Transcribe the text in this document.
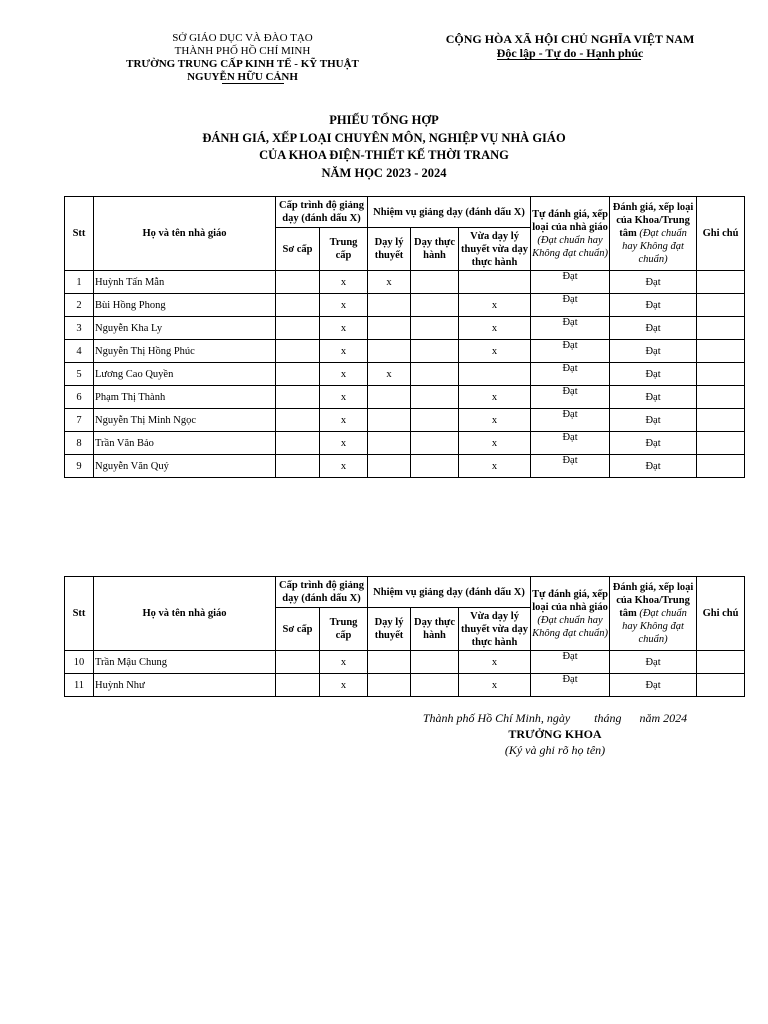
SỞ GIÁO DỤC VÀ ĐÀO TẠO
THÀNH PHỐ HỒ CHÍ MINH
TRƯỜNG TRUNG CẤP KINH TẾ - KỸ THUẬT
NGUYỄN HỮU CẢNH
CỘNG HÒA XÃ HỘI CHỦ NGHĨA VIỆT NAM
Độc lập - Tự do - Hạnh phúc
PHIẾU TỔNG HỢP
ĐÁNH GIÁ, XẾP LOẠI CHUYÊN MÔN, NGHIỆP VỤ NHÀ GIÁO
CỦA KHOA ĐIỆN-THIẾT KẾ THỜI TRANG
NĂM HỌC 2023 - 2024
Stt	Họ và tên nhà giáo	Cấp trình độ giảng dạy (đánh dấu X)		Nhiệm vụ giảng dạy (đánh dấu X)			Tự đánh giá, xếp loại của nhà giáo (Đạt chuẩn hay Không đạt chuẩn)	Đánh giá, xếp loại của Khoa/Trung tâm (Đạt chuẩn hay Không đạt chuẩn)	Ghi chú
		Sơ cấp	Trung cấp	Dạy lý thuyết	Dạy thực hành	Vừa dạy lý thuyết vừa dạy thực hành			
1	Huỳnh Tấn Mẫn		x	x			Đạt	Đạt	
2	Bùi Hồng Phong		x			x	Đạt	Đạt	
3	Nguyễn Kha Ly		x			x	Đạt	Đạt	
4	Nguyễn Thị Hồng Phúc		x			x	Đạt	Đạt	
5	Lương Cao Quyền		x	x			Đạt	Đạt	
6	Phạm Thị Thành		x			x	Đạt	Đạt	
7	Nguyễn Thị Minh Ngọc		x			x	Đạt	Đạt	
8	Trần Văn Bảo		x			x	Đạt	Đạt	
9	Nguyễn Văn Quý		x			x	Đạt	Đạt	
Stt	Họ và tên nhà giáo	Cấp trình độ giảng dạy (đánh dấu X)		Nhiệm vụ giảng dạy (đánh dấu X)			Tự đánh giá, xếp loại của nhà giáo (Đạt chuẩn hay Không đạt chuẩn)	Đánh giá, xếp loại của Khoa/Trung tâm (Đạt chuẩn hay Không đạt chuẩn)	Ghi chú
		Sơ cấp	Trung cấp	Dạy lý thuyết	Dạy thực hành	Vừa dạy lý thuyết vừa dạy thực hành			
10	Trần Mậu Chung		x			x	Đạt	Đạt	
11	Huỳnh Như		x			x	Đạt	Đạt	
Thành phố Hồ Chí Minh, ngày        tháng      năm 2024
TRƯỞNG KHOA
(Ký và ghi rõ họ tên)
